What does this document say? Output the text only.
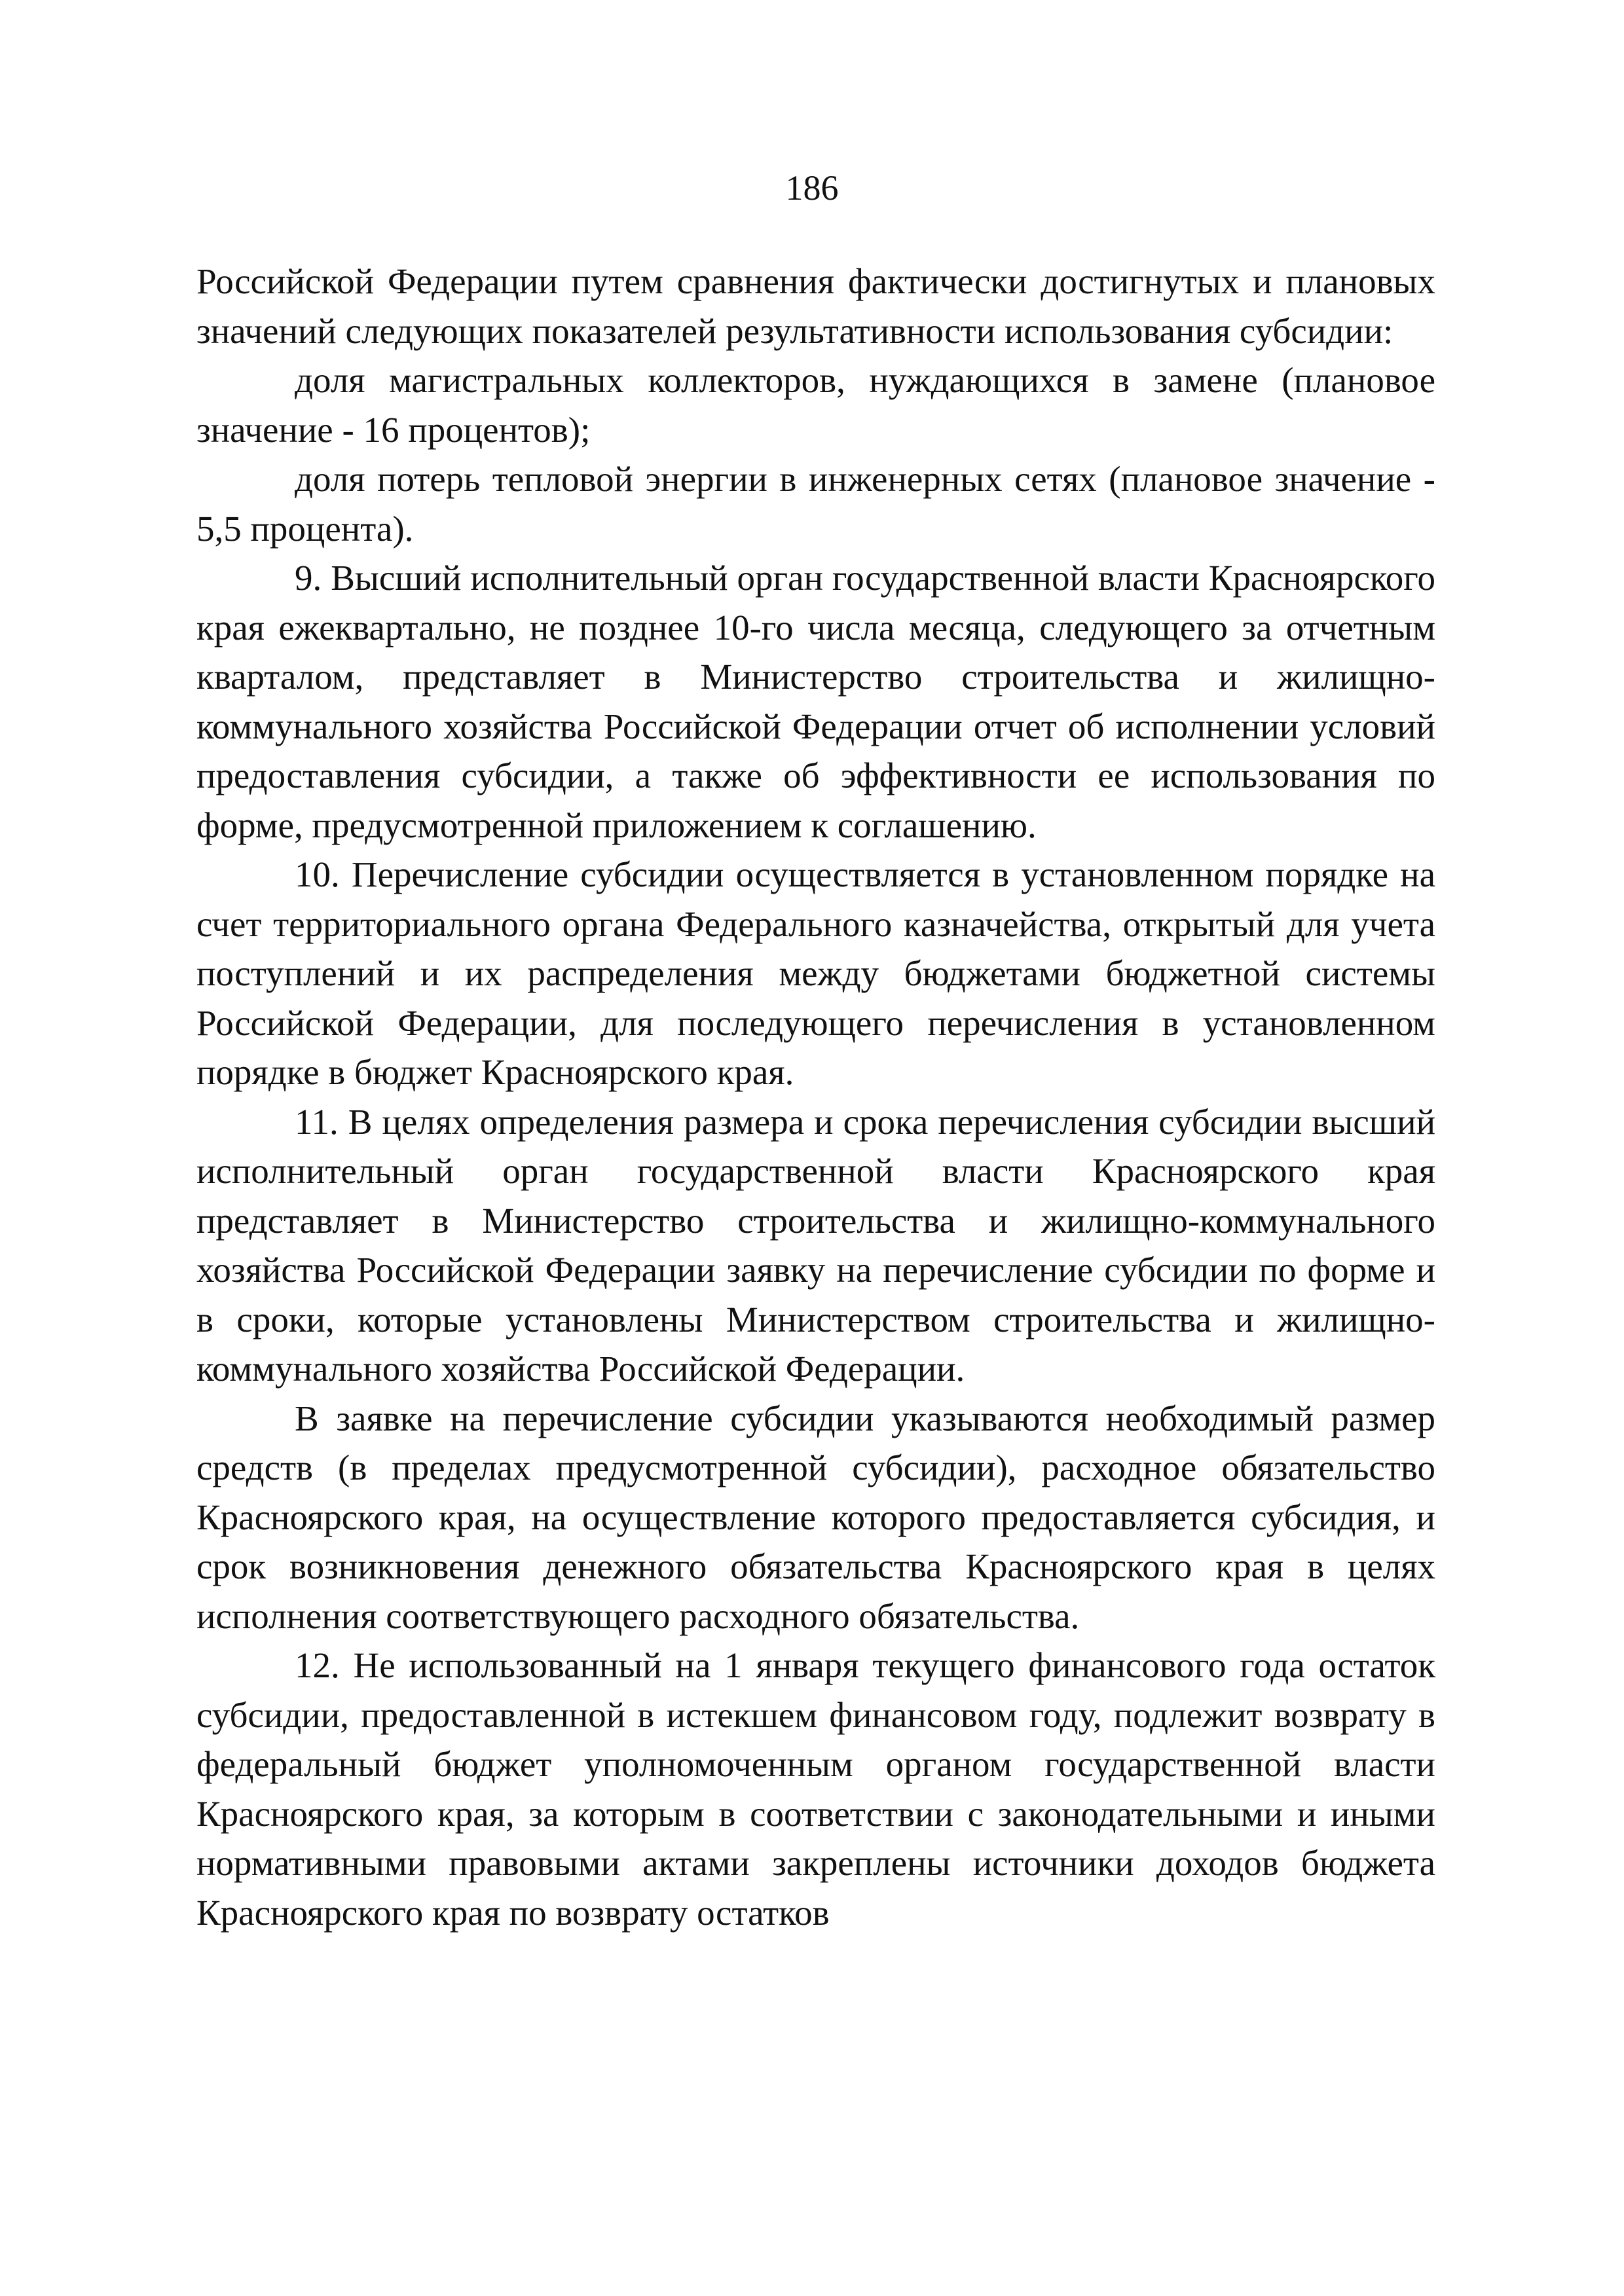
186

Российской Федерации путем сравнения фактически достигнутых и плановых значений следующих показателей результативности использования субсидии:

доля магистральных коллекторов, нуждающихся в замене (плановое значение - 16 процентов);

доля потерь тепловой энергии в инженерных сетях (плановое значение - 5,5 процента).

9. Высший исполнительный орган государственной власти Красноярского края ежеквартально, не позднее 10-го числа месяца, следующего за отчетным кварталом, представляет в Министерство строительства и жилищно-коммунального хозяйства Российской Федерации отчет об исполнении условий предоставления субсидии, а также об эффективности ее использования по форме, предусмотренной приложением к соглашению.

10. Перечисление субсидии осуществляется в установленном порядке на счет территориального органа Федерального казначейства, открытый для учета поступлений и их распределения между бюджетами бюджетной системы Российской Федерации, для последующего перечисления в установленном порядке в бюджет Красноярского края.

11. В целях определения размера и срока перечисления субсидии высший исполнительный орган государственной власти Красноярского края представляет в Министерство строительства и жилищно-коммунального хозяйства Российской Федерации заявку на перечисление субсидии по форме и в сроки, которые установлены Министерством строительства и жилищно-коммунального хозяйства Российской Федерации.

В заявке на перечисление субсидии указываются необходимый размер средств (в пределах предусмотренной субсидии), расходное обязательство Красноярского края, на осуществление которого предоставляется субсидия, и срок возникновения денежного обязательства Красноярского края в целях исполнения соответствующего расходного обязательства.

12. Не использованный на 1 января текущего финансового года остаток субсидии, предоставленной в истекшем финансовом году, подлежит возврату в федеральный бюджет уполномоченным органом государственной власти Красноярского края, за которым в соответствии с законодательными и иными нормативными правовыми актами закреплены источники доходов бюджета Красноярского края по возврату остатков
